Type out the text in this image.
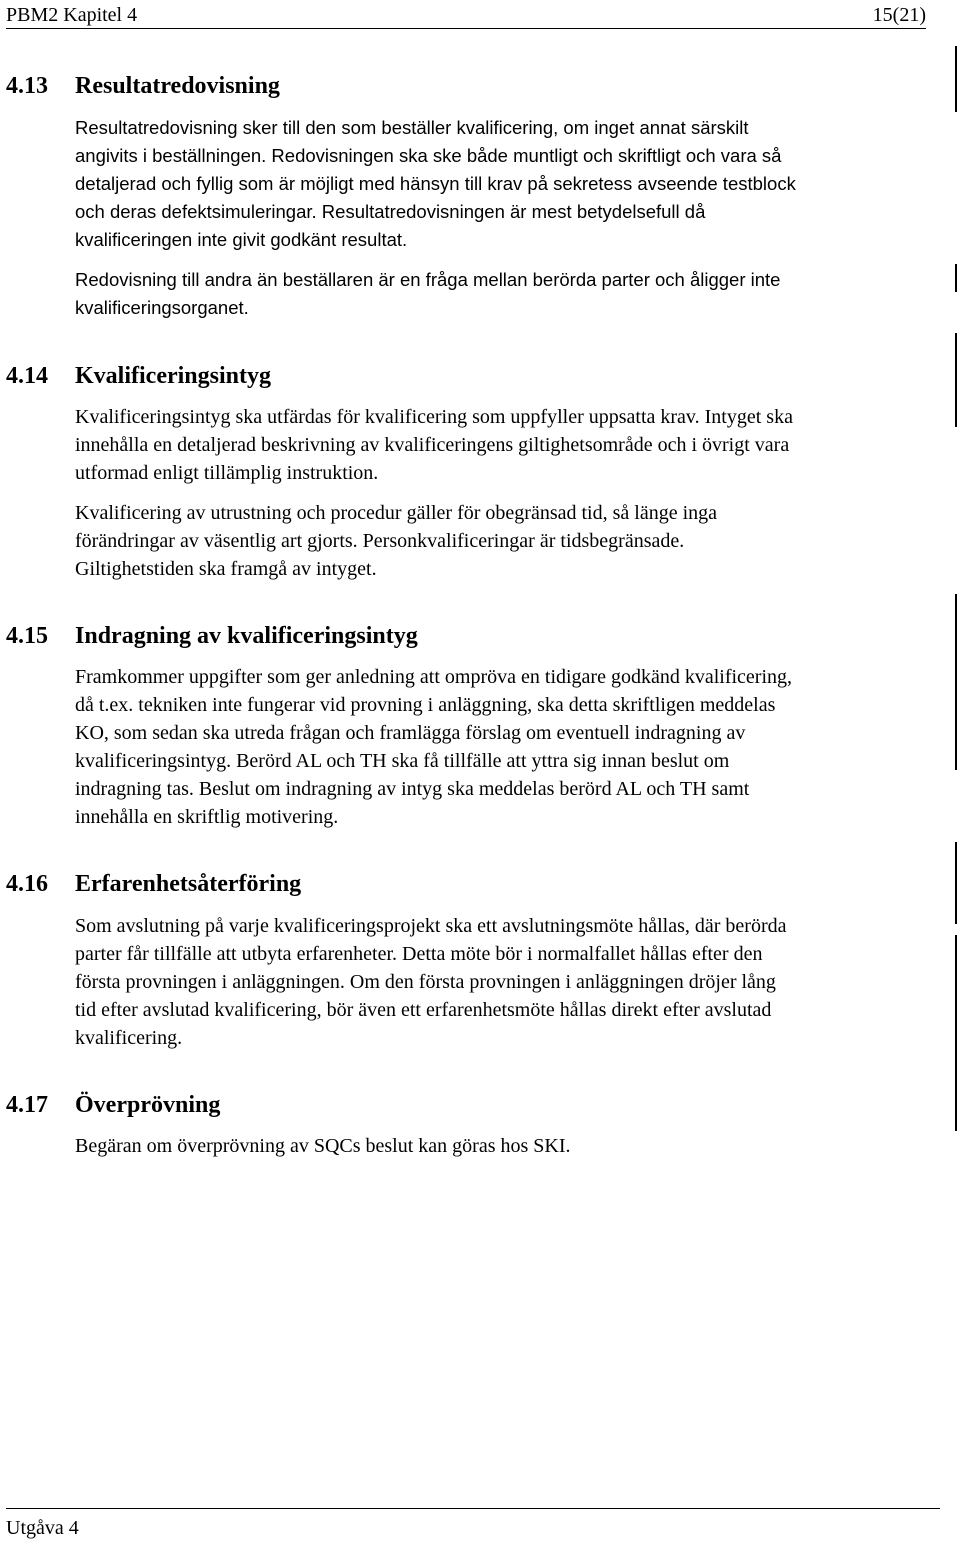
PBM2 Kapitel 4	15(21)
4.13 Resultatredovisning
Resultatredovisning sker till den som beställer kvalificering, om inget annat särskilt
angivits i beställningen. Redovisningen ska ske både muntligt och skriftligt och vara så
detaljerad och fyllig som är möjligt med hänsyn till krav på sekretess avseende testblock
och deras defektsimuleringar. Resultatredovisningen är mest betydelsefull då
kvalificeringen inte givit godkänt resultat.
Redovisning till andra än beställaren är en fråga mellan berörda parter och åligger inte
kvalificeringsorganet.
4.14 Kvalificeringsintyg
Kvalificeringsintyg ska utfärdas för kvalificering som uppfyller uppsatta krav. Intyget ska
innehålla en detaljerad beskrivning av kvalificeringens giltighetsområde och i övrigt vara
utformad enligt tillämplig instruktion.
Kvalificering av utrustning och procedur gäller för obegränsad tid, så länge inga
förändringar av väsentlig art gjorts. Personkvalificeringar är tidsbegränsade.
Giltighetstiden ska framgå av intyget.
4.15 Indragning av kvalificeringsintyg
Framkommer uppgifter som ger anledning att ompröva en tidigare godkänd kvalificering,
då t.ex. tekniken inte fungerar vid provning i anläggning, ska detta skriftligen meddelas
KO, som sedan ska utreda frågan och framlägga förslag om eventuell indragning av
kvalificeringsintyg. Berörd AL och TH ska få tillfälle att yttra sig innan beslut om
indragning tas. Beslut om indragning av intyg ska meddelas berörd AL och TH samt
innehålla en skriftlig motivering.
4.16 Erfarenhetsåterföring
Som avslutning på varje kvalificeringsprojekt ska ett avslutningsmöte hållas, där berörda
parter får tillfälle att utbyta erfarenheter. Detta möte bör i normalfallet hållas efter den
första provningen i anläggningen. Om den första provningen i anläggningen dröjer lång
tid efter avslutad kvalificering, bör även ett erfarenhetsmöte hållas direkt efter avslutad
kvalificering.
4.17 Överprövning
Begäran om överprövning av SQCs beslut kan göras hos SKI.
Utgåva 4
